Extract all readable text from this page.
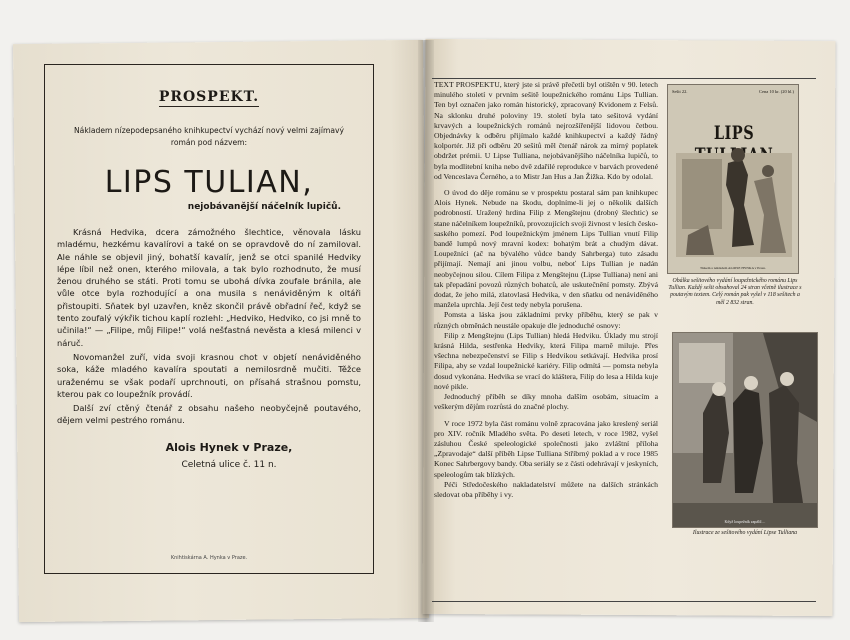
PROSPEKT.
Nákladem nízepodepsaného knihkupectví vychází nový velmi zajímavý román pod názvem:
LIPS TULIAN,
nejobávanější náčelník lupičů.

Krásná Hedvika, dcera zámožného šlechtice, věnovala lásku mladému, hezkému kavalírovi a také on se opravdově do ní zamiloval. Ale náhle se objevil jiný, bohatší kavalír, jenž se otci spanilé Hedviky lépe líbil než onen, kterého milovala, a tak bylo rozhodnuto, že musí ženou druhého se státi. Proti tomu se ubohá dívka zoufale bránila, ale vůle otce byla rozhodující a ona musila s nenáviděným k oltáři přistoupiti. Sňatek byl uzavřen, kněz skončil právě obřadní řeč, když se tento zoufalý výkřik tichou kaplí rozlehl: „Hedviko, Hedviko, co jsi mně to učinila!“ — „Filipe, můj Filipe!“ volá nešťastná nevěsta a klesá milenci v náruč.

Novomanžel zuří, vida svoji krasnou chot v objetí nenáviděného soka, káže mladého kavalíra spoutati a nemilosrdně mučiti. Těžce uraženému se však podaří uprchnouti, on přísahá strašnou pomstu, kterou pak co loupežník provádí.

Další zví ctěný čtenář z obsahu našeho neobyčejně poutavého, dějem velmi pestrého románu.

Alois Hynek v Praze,
Celetná ulice č. 11 n.
Knihtiskárna A. Hynka v Praze.

TEXT PROSPEKTU, který jste si právě přečetli byl otištěn v 90. letech minulého století v prvním sešitě loupežnického románu Lips Tullian. Ten byl označen jako román historický, zpracovaný Kvidonem z Felsů. Na sklonku druhé poloviny 19. století byla tato sešitová vydání krvavých a loupežnických románů nejrozšířenější lidovou četbou. Objednávky k odběru přijímalo každé knihkupectví a každý řádný kolportér. Již při odběru 20 sešitů měl čtenář nárok za mírný poplatek obdržet prémii. U Lipse Tulliana, nejobávanějšího náčelníka lupičů, to byla modlitební kniha nebo dvě zdařilé reprodukce v barvách provedené od Venceslava Černého, a to Mistr Jan Hus a Jan Žižka. Kdo by odolal.

O úvod do děje románu se v prospektu postaral sám pan knihkupec Alois Hynek. Nebude na škodu, doplníme-li jej o několik dalších podrobností. Uražený hrdina Filip z Mengštejnu (drobný šlechtic) se stane náčelníkem loupežníků, provozujících svoji živnost v lesích česko-saského pomezí. Pod loupežnickým jménem Lips Tullian vnutí Filip bandě lumpů nový mravní kodex: bohatým brát a chudým dávat. Loupežníci (ač na bývalého vůdce bandy Sahrberga) tuto zásadu přijímají. Nemají ani jinou volbu, neboť Lips Tullian je nadán neobyčejnou silou. Cílem Filipa z Mengštejnu (Lipse Tulliana) není ani tak přepadání povozů různých bohatců, ale uskutečnění pomsty. Zbývá dodat, že jeho milá, zlatovlasá Hedvika, v den sňatku od nenáviděného manžela uprchla. Její čest tedy nebyla porušena.

Pomsta a láska jsou základními prvky příběhu, který se pak v různých obměnách neustále opakuje dle jednoduché osnovy:

Filip z Mengštejnu (Lips Tullian) hledá Hedviku. Úklady mu strojí krásná Hilda, sestřenka Hedviky, která Filipa marně miluje. Přes všechna nebezpečenství se Filip s Hedvikou setkávají. Hedvika prosí Filipa, aby se vzdal loupežnické kariéry. Filip odmítá — pomsta nebyla dosud vykonána. Hedvika se vrací do kláštera, Filip do lesa a Hilda kuje nové pikle.

Jednoduchý příběh se díky mnoha dalším osobám, situacím a veškerým dějům rozrůstá do značné plochy.

V roce 1972 byla část románu volně zpracována jako kreslený seriál pro XIV. ročník Mladého světa. Po deseti letech, v roce 1982, vyšel zásluhou České speleologické společnosti jako zvláštní příloha „Zpravodaje“ další příběh Lipse Tulliana Stříbrný poklad a v roce 1985 Konec Sahrbergovy bandy. Oba seriály se z části odehrávají v jeskyních, speleologům tak blízkých.

Péči Středočeského nakladatelství můžete na dalších stránkách sledovat oba příběhy i vy.

Sešit 22.	Cena 10 kr. (20 hl.)
LIPS
Tiskem a nákladem ALOISE HYNKA v Praze.
Obálka sešitového vydání loupežnického románu Lips Tullian. Každý sešit obsahoval 24 stran včetně ilustrace s poutavým textem. Celý román pak vyšel v 118 sešitech a měl 2 832 stran.
Když loupežník zapálil…
Ilustrace ze sešitového vydání Lipse Tulliana
